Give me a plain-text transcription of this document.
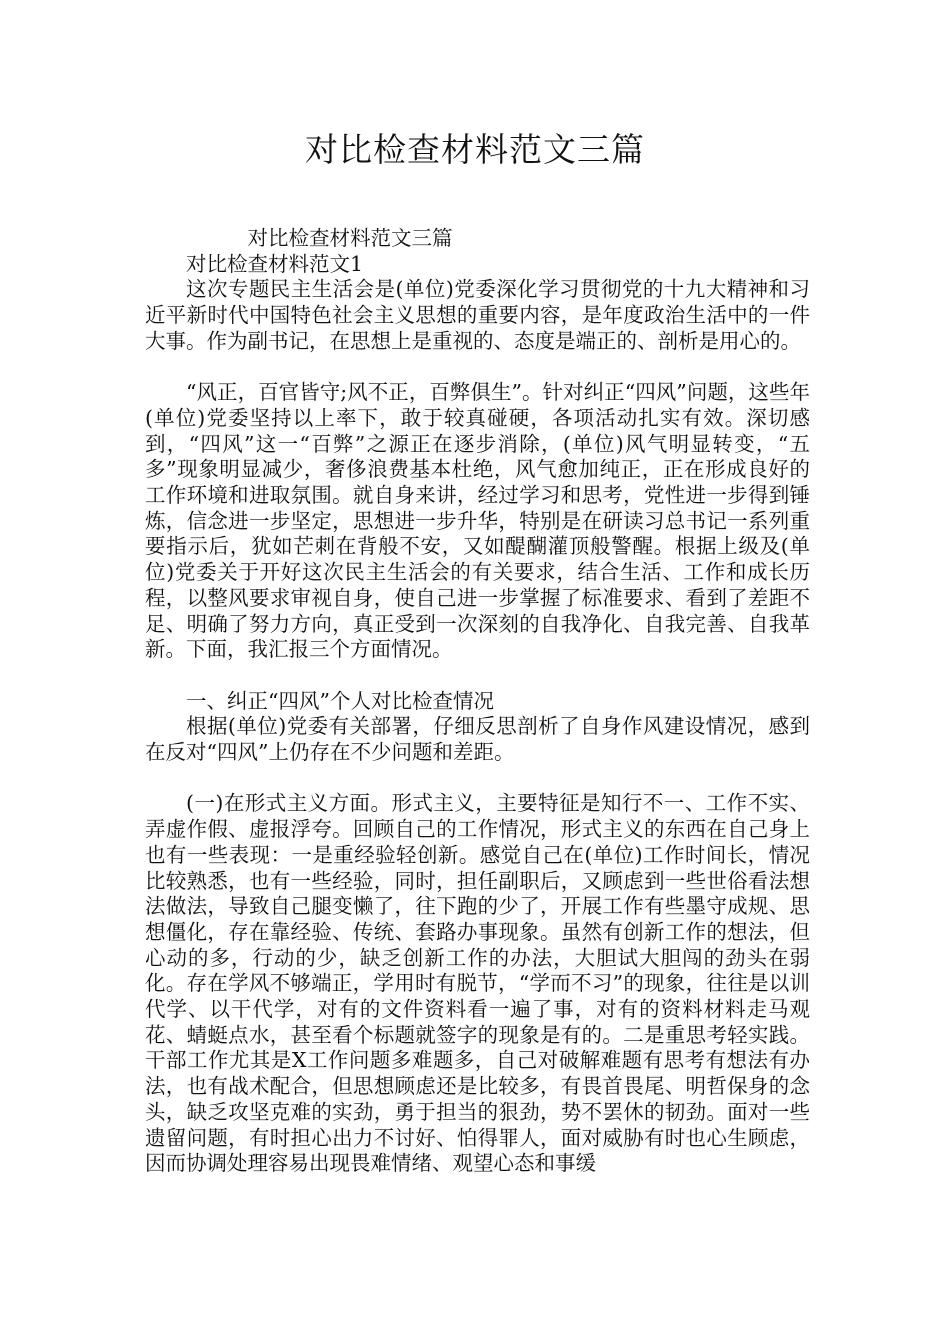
对比检查材料范文三篇

对比检查材料范文三篇

对比检查材料范文1

这次专题民主生活会是(单位)党委深化学习贯彻党的十九大精神和习近平新时代中国特色社会主义思想的重要内容，是年度政治生活中的一件大事。作为副书记，在思想上是重视的、态度是端正的、剖析是用心的。

“风正，百官皆守;风不正，百弊俱生”。针对纠正“四风”问题，这些年(单位)党委坚持以上率下，敢于较真碰硬，各项活动扎实有效。深切感到，“四风”这一“百弊”之源正在逐步消除，(单位)风气明显转变，“五多”现象明显减少，奢侈浪费基本杜绝，风气愈加纯正，正在形成良好的工作环境和进取氛围。就自身来讲，经过学习和思考，党性进一步得到锤炼，信念进一步坚定，思想进一步升华，特别是在研读习总书记一系列重要指示后，犹如芒刺在背般不安，又如醍醐灌顶般警醒。根据上级及(单位)党委关于开好这次民主生活会的有关要求，结合生活、工作和成长历程，以整风要求审视自身，使自己进一步掌握了标准要求、看到了差距不足、明确了努力方向，真正受到一次深刻的自我净化、自我完善、自我革新。下面，我汇报三个方面情况。

一、纠正“四风”个人对比检查情况

根据(单位)党委有关部署，仔细反思剖析了自身作风建设情况，感到在反对“四风”上仍存在不少问题和差距。

(一)在形式主义方面。形式主义，主要特征是知行不一、工作不实、弄虚作假、虚报浮夸。回顾自己的工作情况，形式主义的东西在自己身上也有一些表现：一是重经验轻创新。感觉自己在(单位)工作时间长，情况比较熟悉，也有一些经验，同时，担任副职后，又顾虑到一些世俗看法想法做法，导致自己腿变懒了，往下跑的少了，开展工作有些墨守成规、思想僵化，存在靠经验、传统、套路办事现象。虽然有创新工作的想法，但心动的多，行动的少，缺乏创新工作的办法，大胆试大胆闯的劲头在弱化。存在学风不够端正，学用时有脱节，“学而不习”的现象，往往是以训代学、以干代学，对有的文件资料看一遍了事，对有的资料材料走马观花、蜻蜓点水，甚至看个标题就签字的现象是有的。二是重思考轻实践。干部工作尤其是X工作问题多难题多，自己对破解难题有思考有想法有办法，也有战术配合，但思想顾虑还是比较多，有畏首畏尾、明哲保身的念头，缺乏攻坚克难的实劲，勇于担当的狠劲，势不罢休的韧劲。面对一些遗留问题，有时担心出力不讨好、怕得罪人，面对威胁有时也心生顾虑，因而协调处理容易出现畏难情绪、观望心态和事缓
